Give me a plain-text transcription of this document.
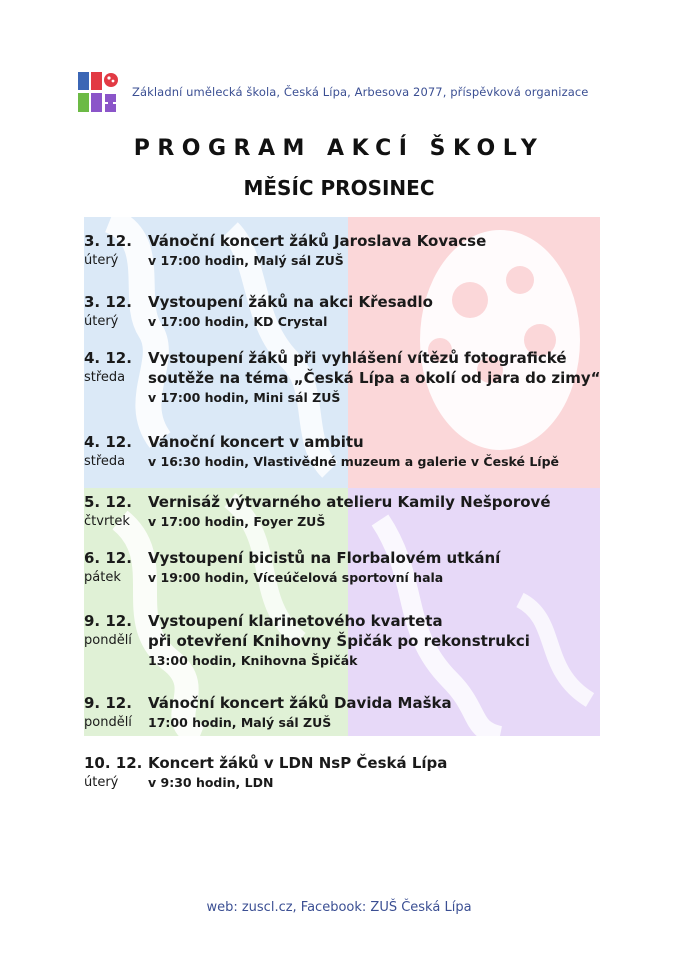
Základní umělecká škola, Česká Lípa, Arbesova 2077, příspěvková organizace
PROGRAM AKCÍ ŠKOLY
MĚSÍC PROSINEC
3. 12.
úterý
Vánoční koncert žáků Jaroslava Kovacse
v 17:00 hodin, Malý sál ZUŠ
3. 12.
úterý
Vystoupení žáků na akci Křesadlo
v 17:00 hodin, KD Crystal
4. 12.
středa
Vystoupení žáků při vyhlášení vítězů fotografické
soutěže na téma „Česká Lípa a okolí od jara do zimy“
v 17:00 hodin, Mini sál ZUŠ
4. 12.
středa
Vánoční koncert v ambitu
v 16:30 hodin, Vlastivědné muzeum a galerie v České Lípě
5. 12.
čtvrtek
Vernisáž výtvarného atelieru Kamily Nešporové
v 17:00 hodin, Foyer ZUŠ
6. 12.
pátek
Vystoupení bicistů na Florbalovém utkání
v 19:00 hodin, Víceúčelová sportovní hala
9. 12.
pondělí
Vystoupení klarinetového kvarteta
při otevření Knihovny Špičák po rekonstrukci
13:00 hodin, Knihovna Špičák
9. 12.
pondělí
Vánoční koncert žáků Davida Maška
17:00 hodin, Malý sál ZUŠ
10. 12.
úterý
Koncert žáků v LDN NsP Česká Lípa
v 9:30 hodin, LDN
web: zuscl.cz, Facebook: ZUŠ Česká Lípa
